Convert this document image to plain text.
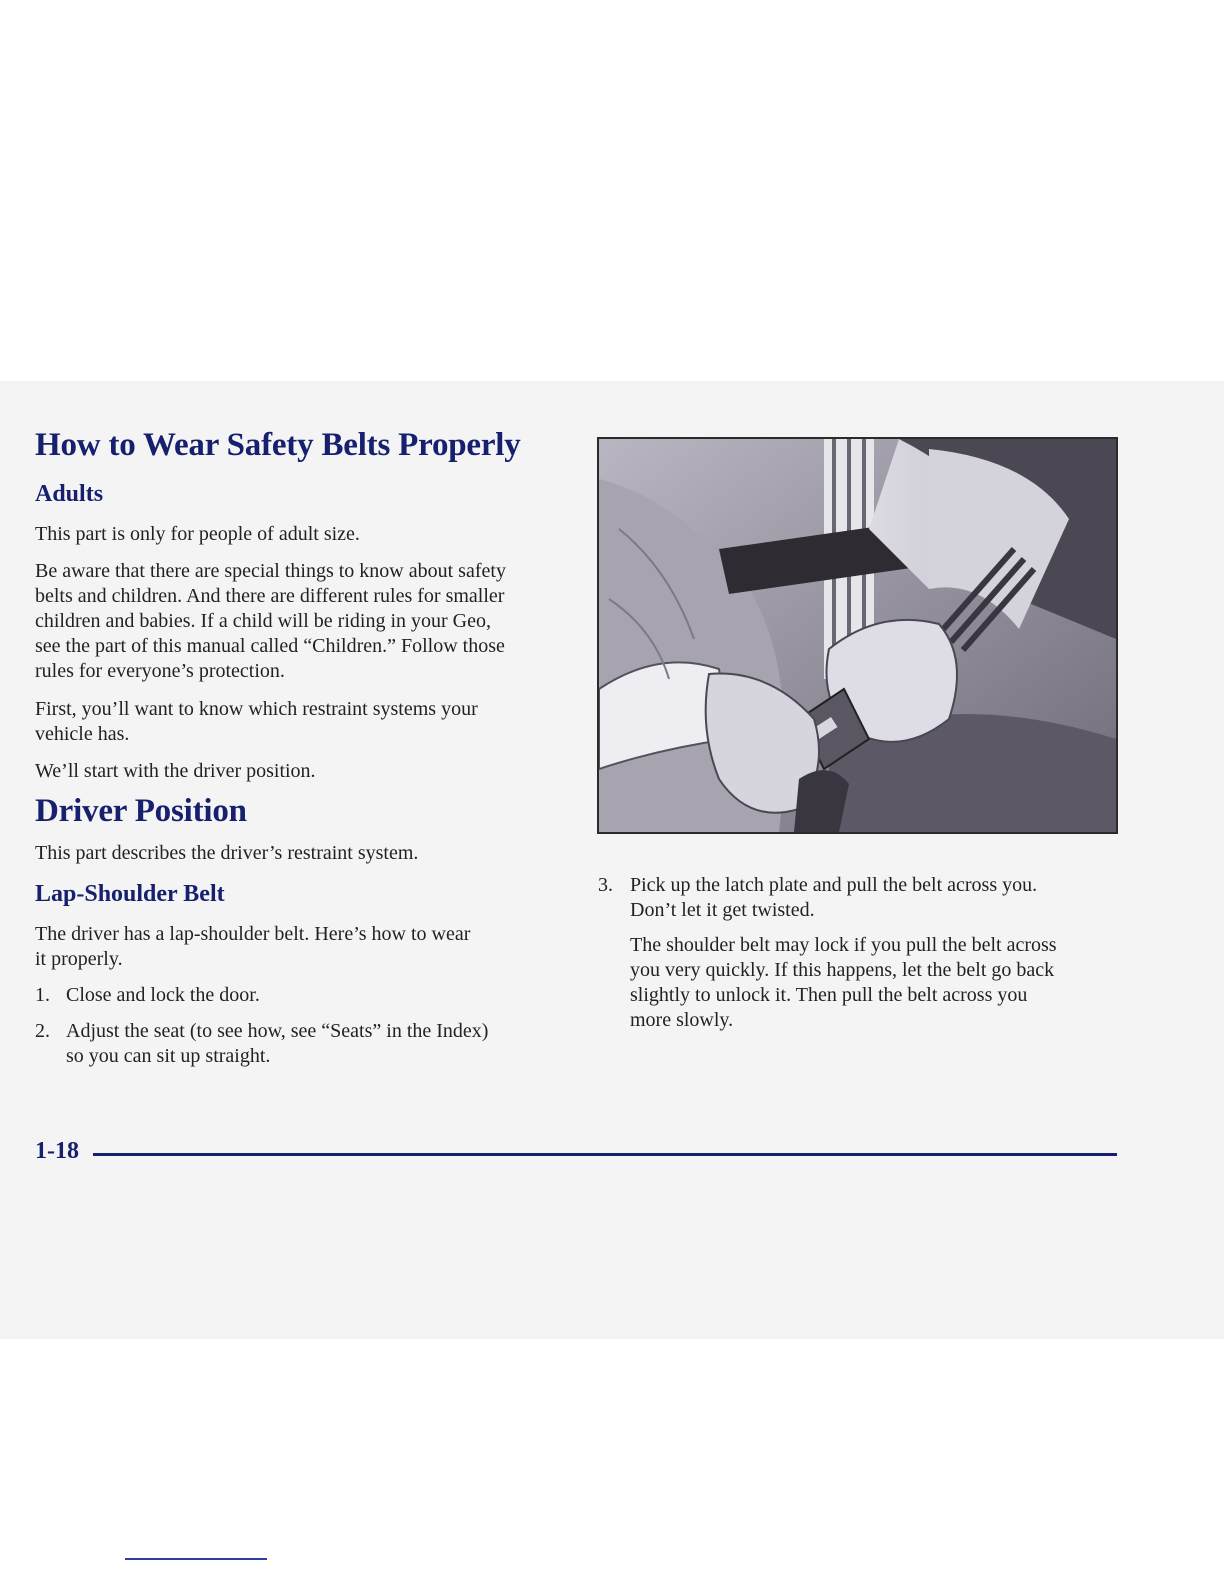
How to Wear Safety Belts Properly
Adults

This part is only for people of adult size.

Be aware that there are special things to know about safety
belts and children. And there are different rules for smaller
children and babies. If a child will be riding in your Geo,
see the part of this manual called “Children.” Follow those
rules for everyone’s protection.
First, you’ll want to know which restraint systems your
vehicle has.

We’ll start with the driver position.

Driver Position

This part describes the driver’s restraint system.

Lap-Shoulder Belt
The driver has a lap-shoulder belt. Here’s how to wear
it properly.
1. Close and lock the door.
2. Adjust the seat (to see how, see “Seats” in the Index)
so you can sit up straight.
3. Pick up the latch plate and pull the belt across you.
Don’t let it get twisted.
The shoulder belt may lock if you pull the belt across
you very quickly. If this happens, let the belt go back
slightly to unlock it. Then pull the belt across you
more slowly.
1-18
